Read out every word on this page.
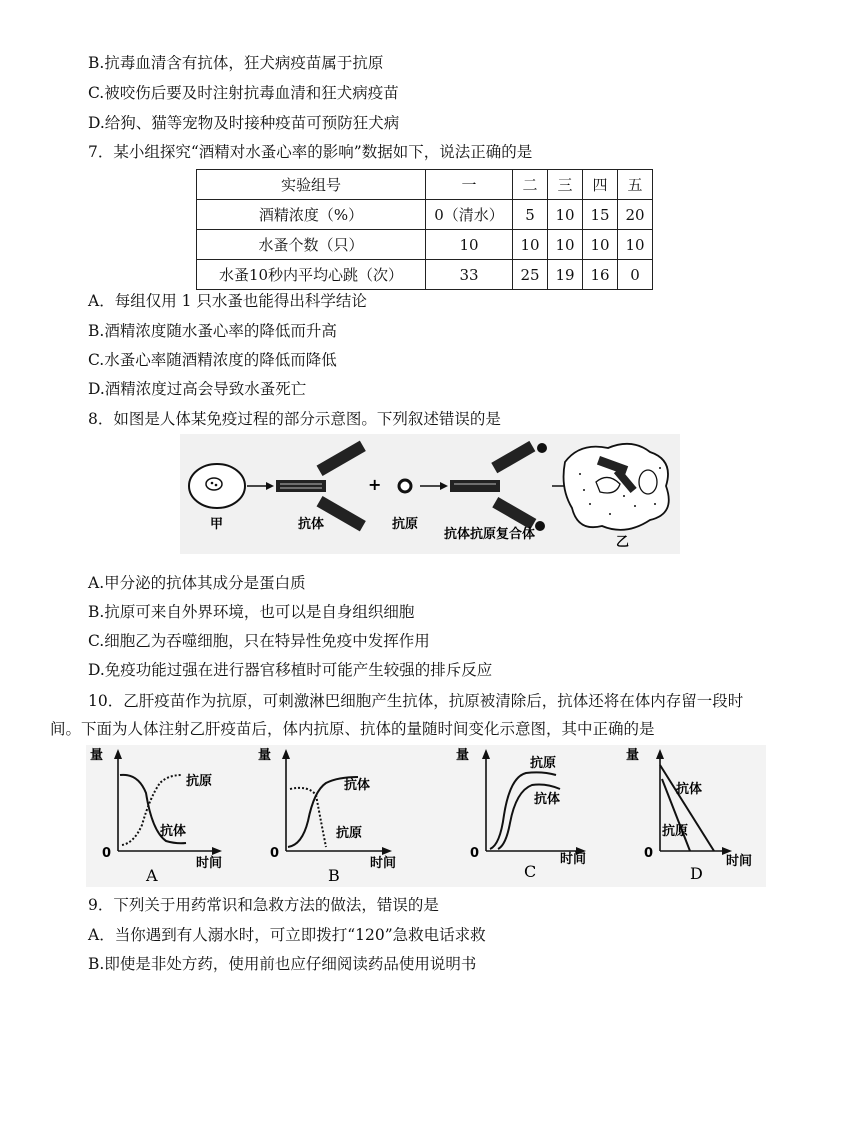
B.抗毒血清含有抗体，狂犬病疫苗属于抗原
C.被咬伤后要及时注射抗毒血清和狂犬病疫苗
D.给狗、猫等宠物及时接种疫苗可预防狂犬病
7．某小组探究“酒精对水蚤心率的影响”数据如下，说法正确的是
实验组号	一	二	三	四	五
酒精浓度（%）	0（清水）	5	10	15	20
水蚤个数（只）	10	10	10	10	10
水蚤10秒内平均心跳（次）	33	25	19	16	0
A．每组仅用 1 只水蚤也能得出科学结论
B.酒精浓度随水蚤心率的降低而升高
C.水蚤心率随酒精浓度的降低而降低
D.酒精浓度过高会导致水蚤死亡
8．如图是人体某免疫过程的部分示意图。下列叙述错误的是
甲	抗体
+
抗原
抗体抗原复合体
乙
A.甲分泌的抗体其成分是蛋白质
B.抗原可来自外界环境，也可以是自身组织细胞
C.细胞乙为吞噬细胞，只在特异性免疫中发挥作用
D.免疫功能过强在进行器官移植时可能产生较强的排斥反应
10．乙肝疫苗作为抗原，可刺激淋巴细胞产生抗体，抗原被清除后，抗体还将在体内存留一段时
间。下面为人体注射乙肝疫苗后，体内抗原、抗体的量随时间变化示意图，其中正确的是
量
抗原
抗体
0
时间
A
量
抗体
抗原
0
时间
B
量
抗原
抗体
0	时间
C
量
抗体
抗原
0
时间
D
9．下列关于用药常识和急救方法的做法，错误的是
A．当你遇到有人溺水时，可立即拨打“120”急救电话求救
B.即使是非处方药，使用前也应仔细阅读药品使用说明书
